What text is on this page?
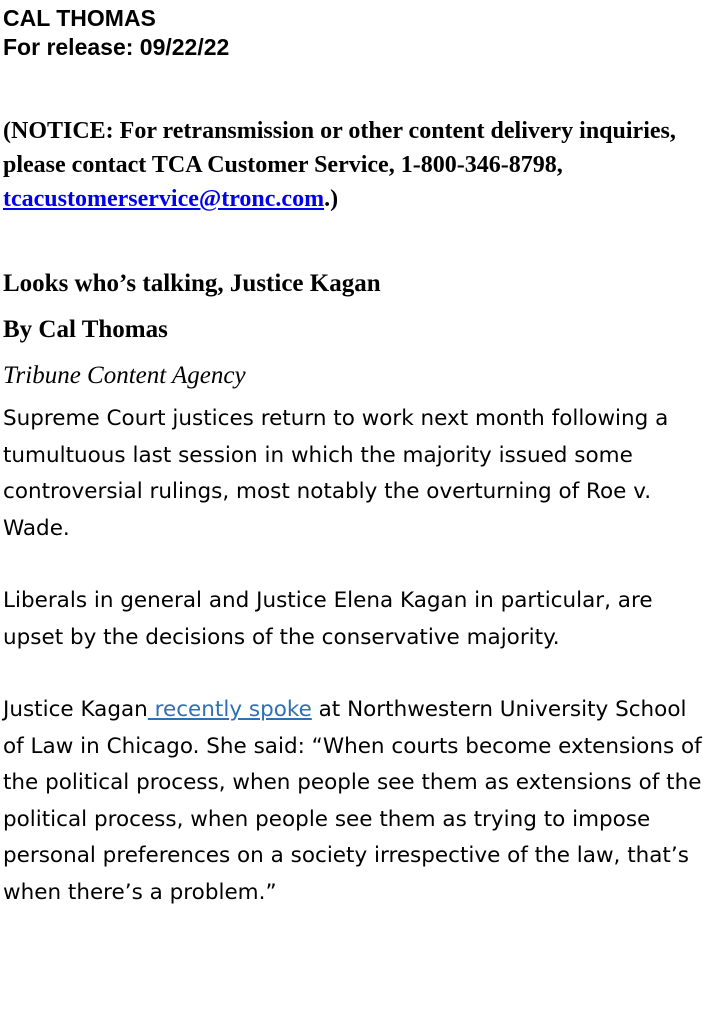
CAL THOMAS

For release: 09/22/22

(NOTICE: For retransmission or other content delivery inquiries, please contact TCA Customer Service, 1-800-346-8798, tcacustomerservice@tronc.com.)

Looks who’s talking, Justice Kagan

By Cal Thomas

Tribune Content Agency

Supreme Court justices return to work next month following a tumultuous last session in which the majority issued some controversial rulings, most notably the overturning of Roe v. Wade.

Liberals in general and Justice Elena Kagan in particular, are upset by the decisions of the conservative majority.

Justice Kagan recently spoke at Northwestern University School of Law in Chicago. She said: “When courts become extensions of the political process, when people see them as extensions of the political process, when people see them as trying to impose personal preferences on a society irrespective of the law, that’s when there’s a problem.”
